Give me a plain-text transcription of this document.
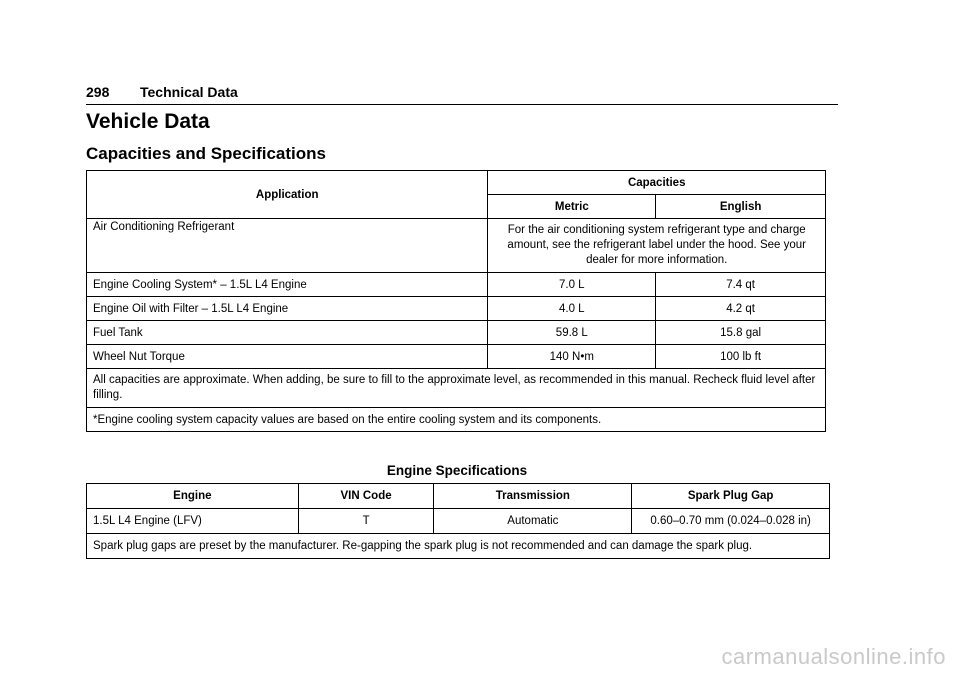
298 Technical Data
Vehicle Data
Capacities and Specifications
Application	Capacities	
	Metric	English
Air Conditioning Refrigerant	For the air conditioning system refrigerant type and charge amount, see the refrigerant label under the hood. See your dealer for more information.	
Engine Cooling System* – 1.5L L4 Engine	7.0 L	7.4 qt
Engine Oil with Filter – 1.5L L4 Engine	4.0 L	4.2 qt
Fuel Tank	59.8 L	15.8 gal
Wheel Nut Torque	140 N•m	100 lb ft
All capacities are approximate. When adding, be sure to fill to the approximate level, as recommended in this manual. Recheck fluid level after filling.		
*Engine cooling system capacity values are based on the entire cooling system and its components.		
Engine Specifications
Engine	VIN Code	Transmission	Spark Plug Gap
1.5L L4 Engine (LFV)	T	Automatic	0.60–0.70 mm (0.024–0.028 in)
Spark plug gaps are preset by the manufacturer. Re-gapping the spark plug is not recommended and can damage the spark plug.			
carmanualsonline.info
